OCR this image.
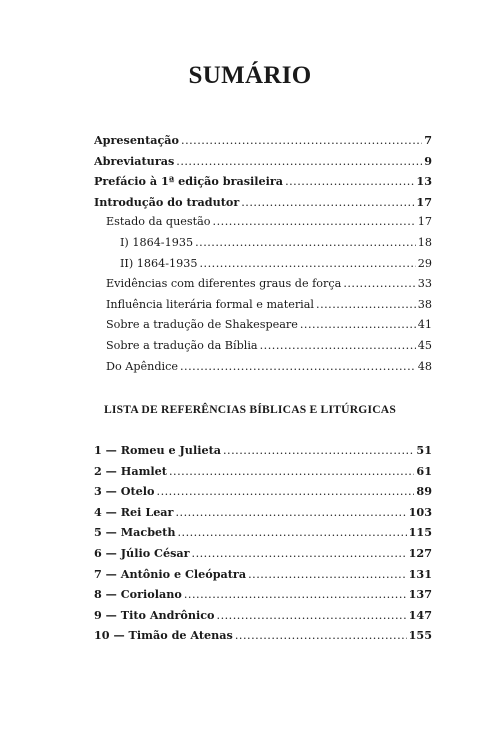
SUMÁRIO
Apresentação .....	7
Abreviaturas .....	9
Prefácio à 1ª edição brasileira .....	13
Introdução do tradutor .....	17
Estado da questão .....	17
I) 1864-1935 .....	18
II) 1864-1935 .....	29
Evidências com diferentes graus de força .....	33
Influência literária formal e material .....	38
Sobre a tradução de Shakespeare .....	41
Sobre a tradução da Bíblia .....	45
Do Apêndice .....	48
LISTA DE REFERÊNCIAS BÍBLICAS E LITÚRGICAS
1 — Romeu e Julieta .....	51
2 — Hamlet .....	61
3 — Otelo .....	89
4 — Rei Lear .....	103
5 — Macbeth .....	115
6 — Júlio César .....	127
7 — Antônio e Cleópatra .....	131
8 — Coriolano .....	137
9 — Tito Andrônico .....	147
10 — Timão de Atenas .....	155
